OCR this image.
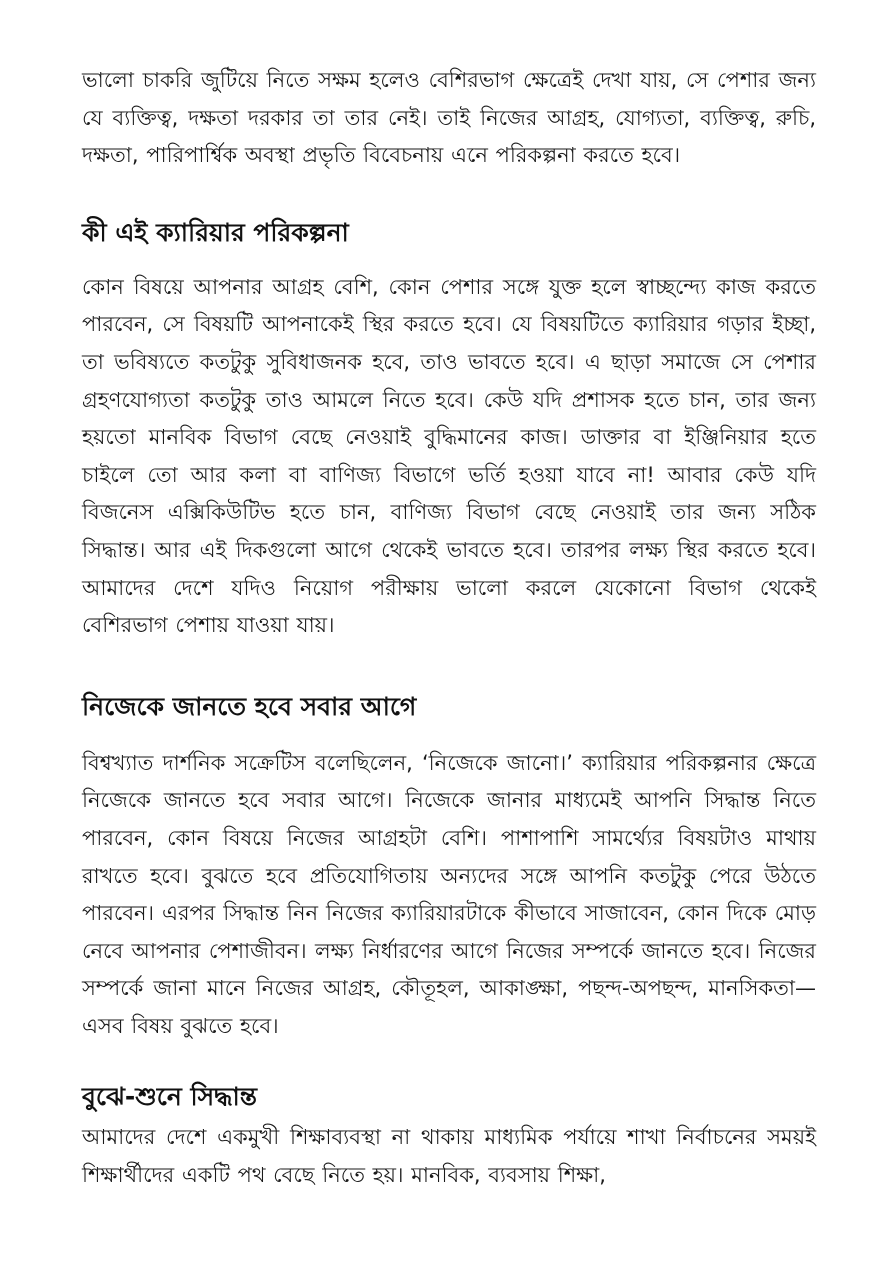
ভালো চাকরি জুটিয়ে নিতে সক্ষম হলেও বেশিরভাগ ক্ষেত্রেই দেখা যায়, সে পেশার জন্য যে ব্যক্তিত্ব, দক্ষতা দরকার তা তার নেই। তাই নিজের আগ্রহ, যোগ্যতা, ব্যক্তিত্ব, রুচি, দক্ষতা, পারিপার্শ্বিক অবস্থা প্রভৃতি বিবেচনায় এনে পরিকল্পনা করতে হবে।

কী এই ক্যারিয়ার পরিকল্পনা

কোন বিষয়ে আপনার আগ্রহ বেশি, কোন পেশার সঙ্গে যুক্ত হলে স্বাচ্ছন্দ্যে কাজ করতে পারবেন, সে বিষয়টি আপনাকেই স্থির করতে হবে। যে বিষয়টিতে ক্যারিয়ার গড়ার ইচ্ছা, তা ভবিষ্যতে কতটুকু সুবিধাজনক হবে, তাও ভাবতে হবে। এ ছাড়া সমাজে সে পেশার গ্রহণযোগ্যতা কতটুকু তাও আমলে নিতে হবে। কেউ যদি প্রশাসক হতে চান, তার জন্য হয়তো মানবিক বিভাগ বেছে নেওয়াই বুদ্ধিমানের কাজ। ডাক্তার বা ইঞ্জিনিয়ার হতে চাইলে তো আর কলা বা বাণিজ্য বিভাগে ভর্তি হওয়া যাবে না! আবার কেউ যদি বিজনেস এক্সিকিউটিভ হতে চান, বাণিজ্য বিভাগ বেছে নেওয়াই তার জন্য সঠিক সিদ্ধান্ত। আর এই দিকগুলো আগে থেকেই ভাবতে হবে। তারপর লক্ষ্য স্থির করতে হবে। আমাদের দেশে যদিও নিয়োগ পরীক্ষায় ভালো করলে যেকোনো বিভাগ থেকেই বেশিরভাগ পেশায় যাওয়া যায়।

নিজেকে জানতে হবে সবার আগে

বিশ্বখ্যাত দার্শনিক সক্রেটিস বলেছিলেন, ‘নিজেকে জানো।’ ক্যারিয়ার পরিকল্পনার ক্ষেত্রে নিজেকে জানতে হবে সবার আগে। নিজেকে জানার মাধ্যমেই আপনি সিদ্ধান্ত নিতে পারবেন, কোন বিষয়ে নিজের আগ্রহটা বেশি। পাশাপাশি সামর্থ্যের বিষয়টাও মাথায় রাখতে হবে। বুঝতে হবে প্রতিযোগিতায় অন্যদের সঙ্গে আপনি কতটুকু পেরে উঠতে পারবেন। এরপর সিদ্ধান্ত নিন নিজের ক্যারিয়ারটাকে কীভাবে সাজাবেন, কোন দিকে মোড় নেবে আপনার পেশাজীবন। লক্ষ্য নির্ধারণের আগে নিজের সম্পর্কে জানতে হবে। নিজের সম্পর্কে জানা মানে নিজের আগ্রহ, কৌতূহল, আকাঙ্ক্ষা, পছন্দ-অপছন্দ, মানসিকতা— এসব বিষয় বুঝতে হবে।

বুঝে-শুনে সিদ্ধান্ত

আমাদের দেশে একমুখী শিক্ষাব্যবস্থা না থাকায় মাধ্যমিক পর্যায়ে শাখা নির্বাচনের সময়ই শিক্ষার্থীদের একটি পথ বেছে নিতে হয়। মানবিক, ব্যবসায় শিক্ষা,
